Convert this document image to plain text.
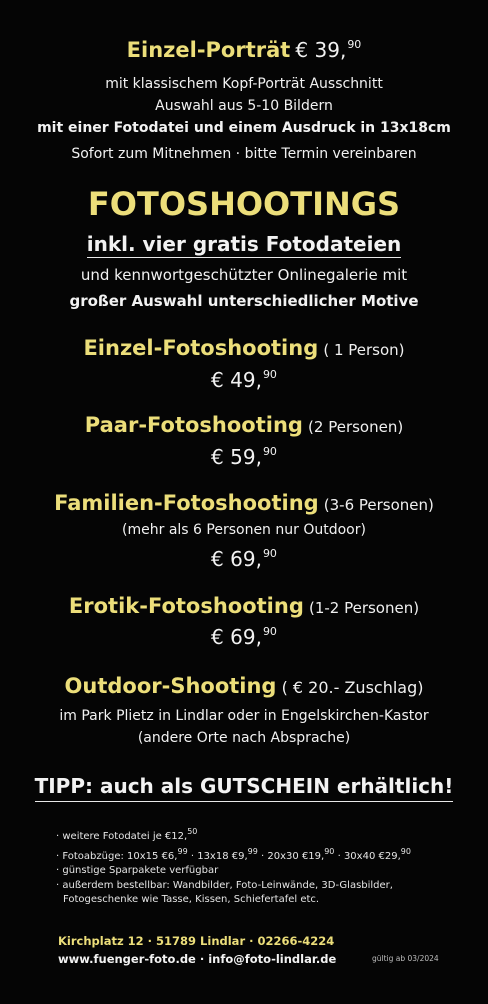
Einzel-Porträt € 39,90
mit klassischem Kopf-Porträt Ausschnitt
Auswahl aus 5-10 Bildern
mit einer Fotodatei und einem Ausdruck in 13x18cm
Sofort zum Mitnehmen · bitte Termin vereinbaren
FOTOSHOOTINGS
inkl. vier gratis Fotodateien
und kennwortgeschützter Onlinegalerie mit
großer Auswahl unterschiedlicher Motive
Einzel-Fotoshooting ( 1 Person)
€ 49,90
Paar-Fotoshooting (2 Personen)
€ 59,90
Familien-Fotoshooting (3-6 Personen)
(mehr als 6 Personen nur Outdoor)
€ 69,90
Erotik-Fotoshooting (1-2 Personen)
€ 69,90
Outdoor-Shooting ( € 20.- Zuschlag)
im Park Plietz in Lindlar oder in Engelskirchen-Kastor
(andere Orte nach Absprache)
TIPP: auch als GUTSCHEIN erhältlich!
· weitere Fotodatei je €12,50
· Fotoabzüge: 10x15 €6,99 · 13x18 €9,99 · 20x30 €19,90 · 30x40 €29,90
· günstige Sparpakete verfügbar
· außerdem bestellbar: Wandbilder, Foto-Leinwände, 3D-Glasbilder,
Fotogeschenke wie Tasse, Kissen, Schiefertafel etc.
Kirchplatz 12 · 51789 Lindlar · 02266-4224
www.fuenger-foto.de · info@foto-lindlar.de	gültig ab 03/2024
